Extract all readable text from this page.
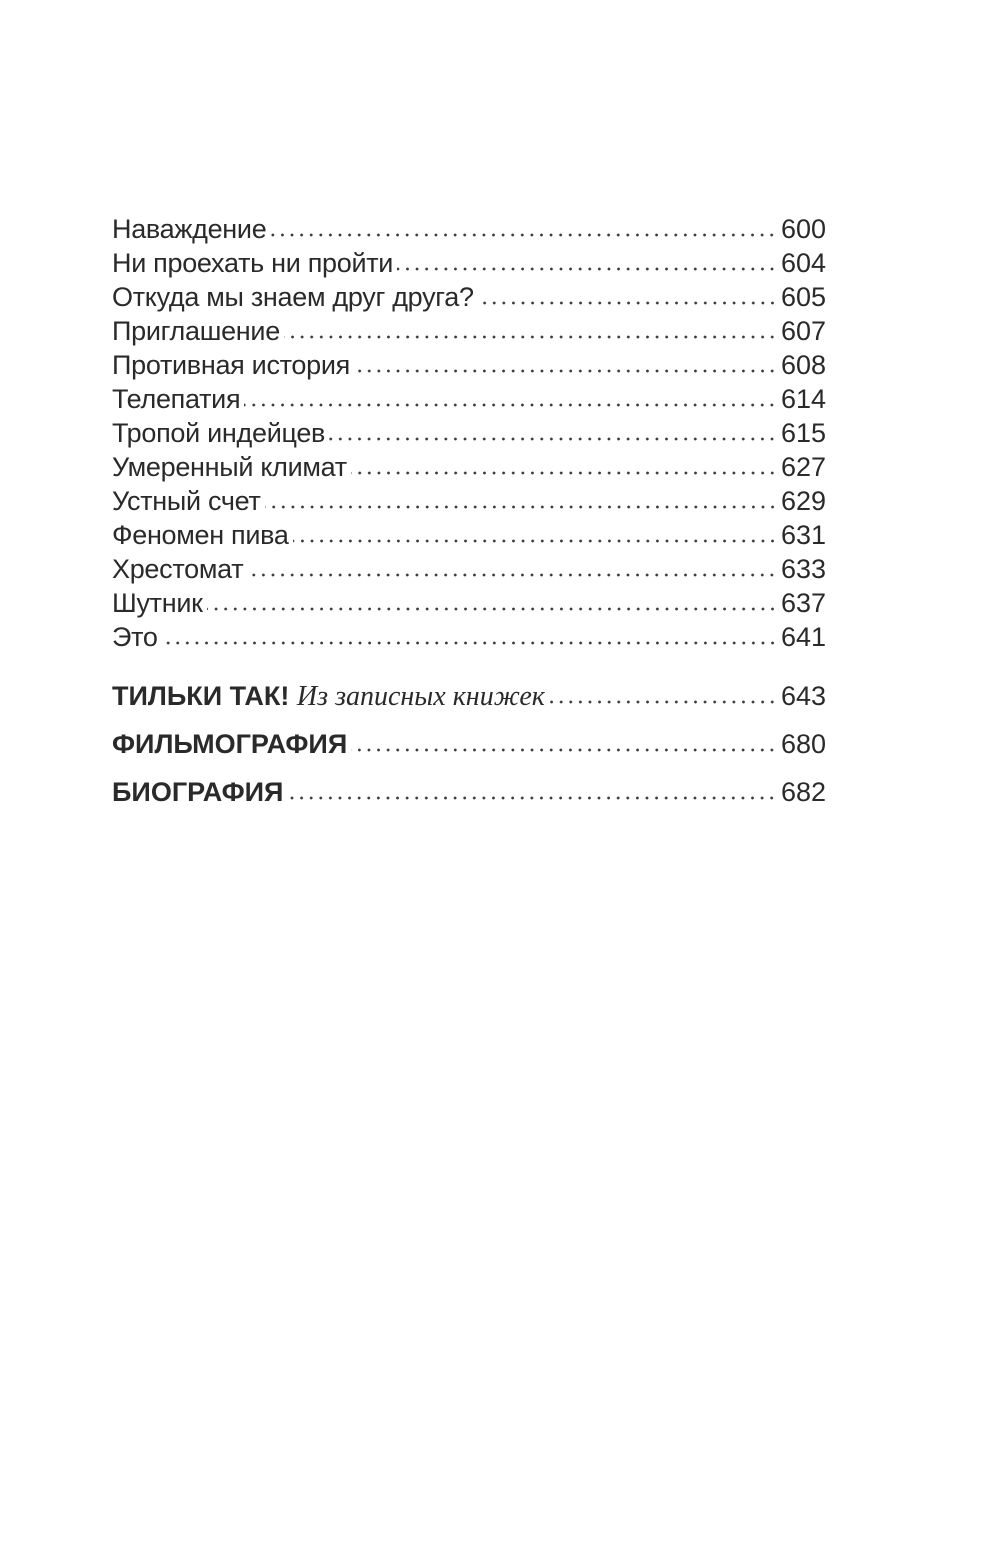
Наваждение	600
Ни проехать ни пройти	604
Откуда мы знаем друг друга?	605
Приглашение	607
Противная история	608
Телепатия	614
Тропой индейцев	615
Умеренный климат	627
Устный счет	629
Феномен пива	631
Хрестомат	633
Шутник	637
Это	641
ТИЛЬКИ ТАК! Из записных книжек	643
ФИЛЬМОГРАФИЯ	680
БИОГРАФИЯ	682
